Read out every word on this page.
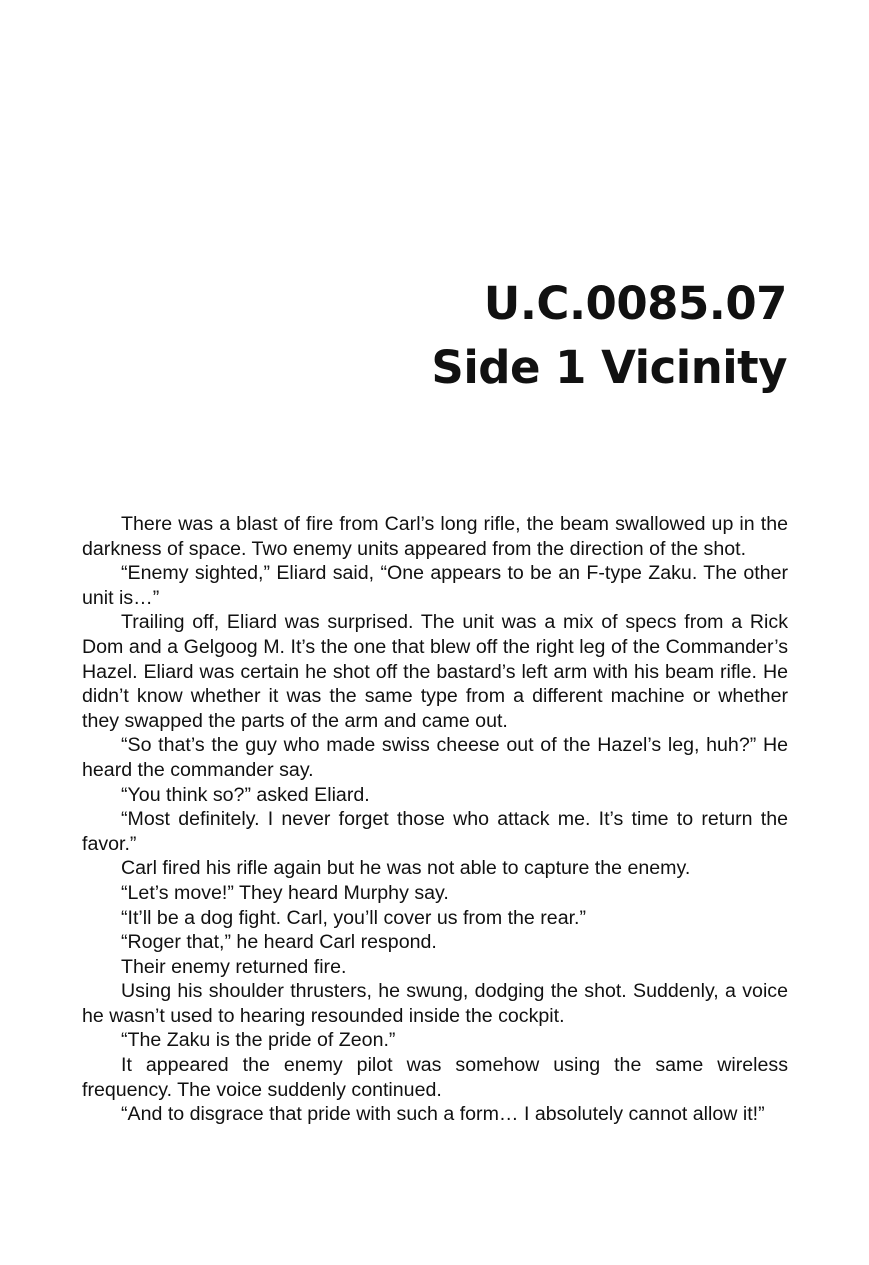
U.C.0085.07
Side 1 Vicinity

There was a blast of fire from Carl’s long rifle, the beam swallowed up in the darkness of space. Two enemy units appeared from the direction of the shot.

“Enemy sighted,” Eliard said, “One appears to be an F-type Zaku. The other unit is…”

Trailing off, Eliard was surprised. The unit was a mix of specs from a Rick Dom and a Gelgoog M. It’s the one that blew off the right leg of the Commander’s Hazel. Eliard was certain he shot off the bastard’s left arm with his beam rifle. He didn’t know whether it was the same type from a different machine or whether they swapped the parts of the arm and came out.

“So that’s the guy who made swiss cheese out of the Hazel’s leg, huh?” He heard the commander say.

“You think so?” asked Eliard.

“Most definitely. I never forget those who attack me. It’s time to return the favor.”

Carl fired his rifle again but he was not able to capture the enemy.

“Let’s move!” They heard Murphy say.

“It’ll be a dog fight. Carl, you’ll cover us from the rear.”

“Roger that,” he heard Carl respond.

Their enemy returned fire.

Using his shoulder thrusters, he swung, dodging the shot. Suddenly, a voice he wasn’t used to hearing resounded inside the cockpit.

“The Zaku is the pride of Zeon.”

It appeared the enemy pilot was somehow using the same wireless frequency. The voice suddenly continued.

“And to disgrace that pride with such a form… I absolutely cannot allow it!”
